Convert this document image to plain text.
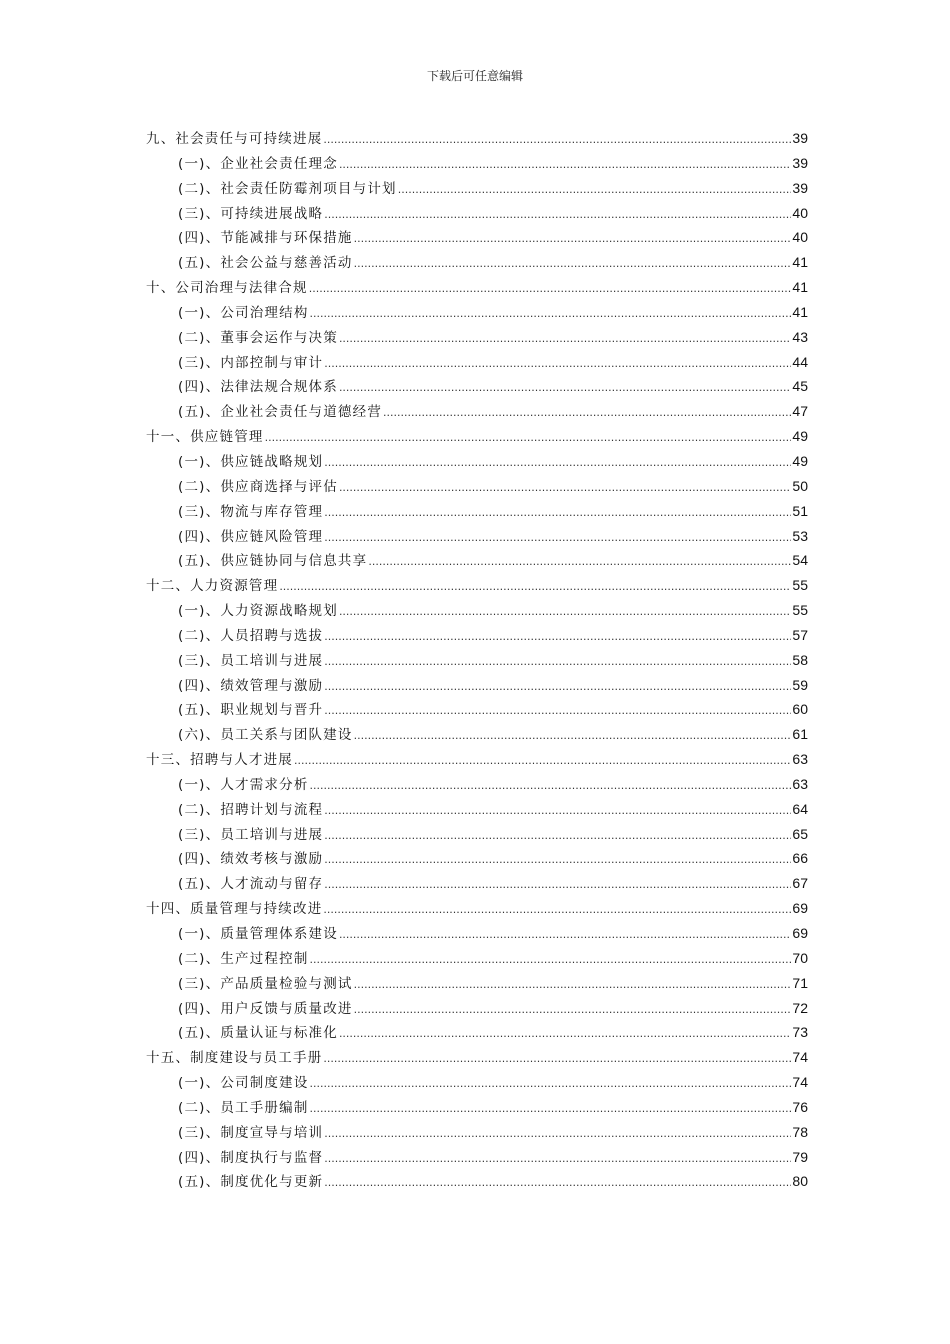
下载后可任意编辑
九、社会责任与可持续进展 .....	39
(一)、企业社会责任理念 .....	39
(二)、社会责任防霉剂项目与计划 .....	39
(三)、可持续进展战略 .....	40
(四)、节能减排与环保措施 .....	40
(五)、社会公益与慈善活动 .....	41
十、公司治理与法律合规 .....	41
(一)、公司治理结构 .....	41
(二)、董事会运作与决策 .....	43
(三)、内部控制与审计 .....	44
(四)、法律法规合规体系 .....	45
(五)、企业社会责任与道德经营 .....	47
十一、供应链管理 .....	49
(一)、供应链战略规划 .....	49
(二)、供应商选择与评估 .....	50
(三)、物流与库存管理 .....	51
(四)、供应链风险管理 .....	53
(五)、供应链协同与信息共享 .....	54
十二、人力资源管理 .....	55
(一)、人力资源战略规划 .....	55
(二)、人员招聘与选拔 .....	57
(三)、员工培训与进展 .....	58
(四)、绩效管理与激励 .....	59
(五)、职业规划与晋升 .....	60
(六)、员工关系与团队建设 .....	61
十三、招聘与人才进展 .....	63
(一)、人才需求分析 .....	63
(二)、招聘计划与流程 .....	64
(三)、员工培训与进展 .....	65
(四)、绩效考核与激励 .....	66
(五)、人才流动与留存 .....	67
十四、质量管理与持续改进 .....	69
(一)、质量管理体系建设 .....	69
(二)、生产过程控制 .....	70
(三)、产品质量检验与测试 .....	71
(四)、用户反馈与质量改进 .....	72
(五)、质量认证与标准化 .....	73
十五、制度建设与员工手册 .....	74
(一)、公司制度建设 .....	74
(二)、员工手册编制 .....	76
(三)、制度宣导与培训 .....	78
(四)、制度执行与监督 .....	79
(五)、制度优化与更新 .....	80
